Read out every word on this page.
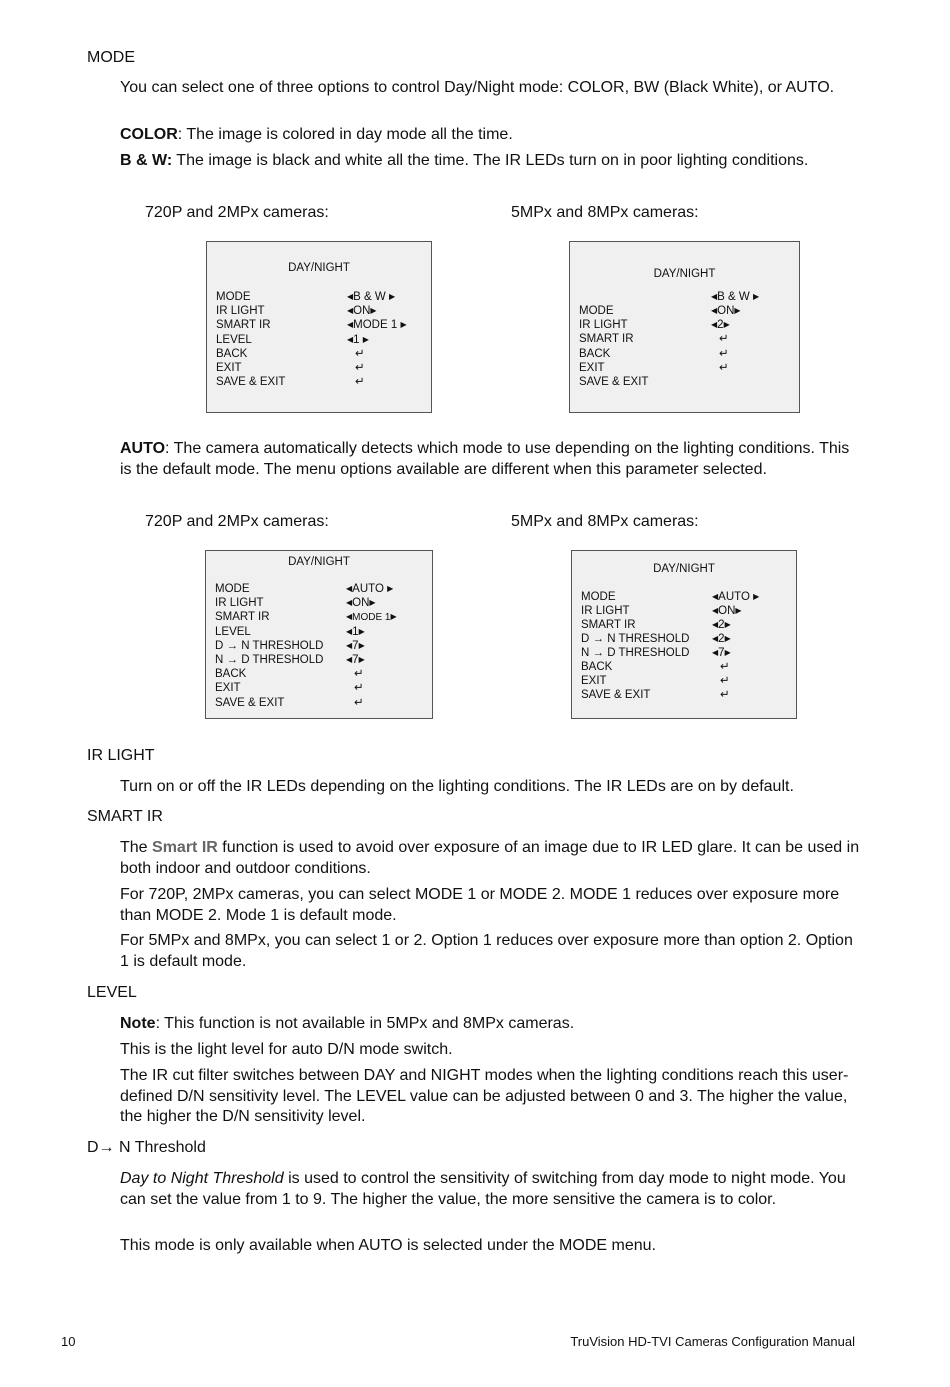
MODE
You can select one of three options to control Day/Night mode: COLOR, BW (Black White), or AUTO.
COLOR: The image is colored in day mode all the time.
B & W: The image is black and white all the time. The IR LEDs turn on in poor lighting conditions.
720P and 2MPx cameras:	5MPx and 8MPx cameras:
DAY/NIGHT
MODE	◀B & W ▶
IR LIGHT	◀ON▶
SMART IR	◀MODE 1 ▶
LEVEL	◀1 ▶
BACK	↵
EXIT	↵
SAVE & EXIT	↵
DAY/NIGHT
◀B & W ▶
MODE	◀ON▶
IR LIGHT	◀2▶
SMART IR	↵
BACK	↵
EXIT	↵
SAVE & EXIT
AUTO: The camera automatically detects which mode to use depending on the lighting conditions. This is the default mode. The menu options available are different when this parameter selected.
720P and 2MPx cameras:	5MPx and 8MPx cameras:
DAY/NIGHT
MODE	◀AUTO ▶
IR LIGHT	◀ON▶
SMART IR	◀MODE 1▶
LEVEL	◀1▶
D → N THRESHOLD	◀7▶
N → D THRESHOLD	◀7▶
BACK	↵
EXIT	↵
SAVE & EXIT	↵
DAY/NIGHT
MODE	◀AUTO ▶
IR LIGHT	◀ON▶
SMART IR	◀2▶
D → N THRESHOLD	◀2▶
N → D THRESHOLD	◀7▶
BACK	↵
EXIT	↵
SAVE & EXIT	↵
IR LIGHT
Turn on or off the IR LEDs depending on the lighting conditions. The IR LEDs are on by default.
SMART IR
The Smart IR function is used to avoid over exposure of an image due to IR LED glare. It can be used in both indoor and outdoor conditions.
For 720P, 2MPx cameras, you can select MODE 1 or MODE 2. MODE 1 reduces over exposure more than MODE 2. Mode 1 is default mode.
For 5MPx and 8MPx, you can select 1 or 2. Option 1 reduces over exposure more than option 2. Option 1 is default mode.
LEVEL
Note: This function is not available in 5MPx and 8MPx cameras.
This is the light level for auto D/N mode switch.
The IR cut filter switches between DAY and NIGHT modes when the lighting conditions reach this user-defined D/N sensitivity level. The LEVEL value can be adjusted between 0 and 3. The higher the value, the higher the D/N sensitivity level.
D→ N Threshold
Day to Night Threshold is used to control the sensitivity of switching from day mode to night mode. You can set the value from 1 to 9. The higher the value, the more sensitive the camera is to color.
This mode is only available when AUTO is selected under the MODE menu.
10	TruVision HD-TVI Cameras Configuration Manual
